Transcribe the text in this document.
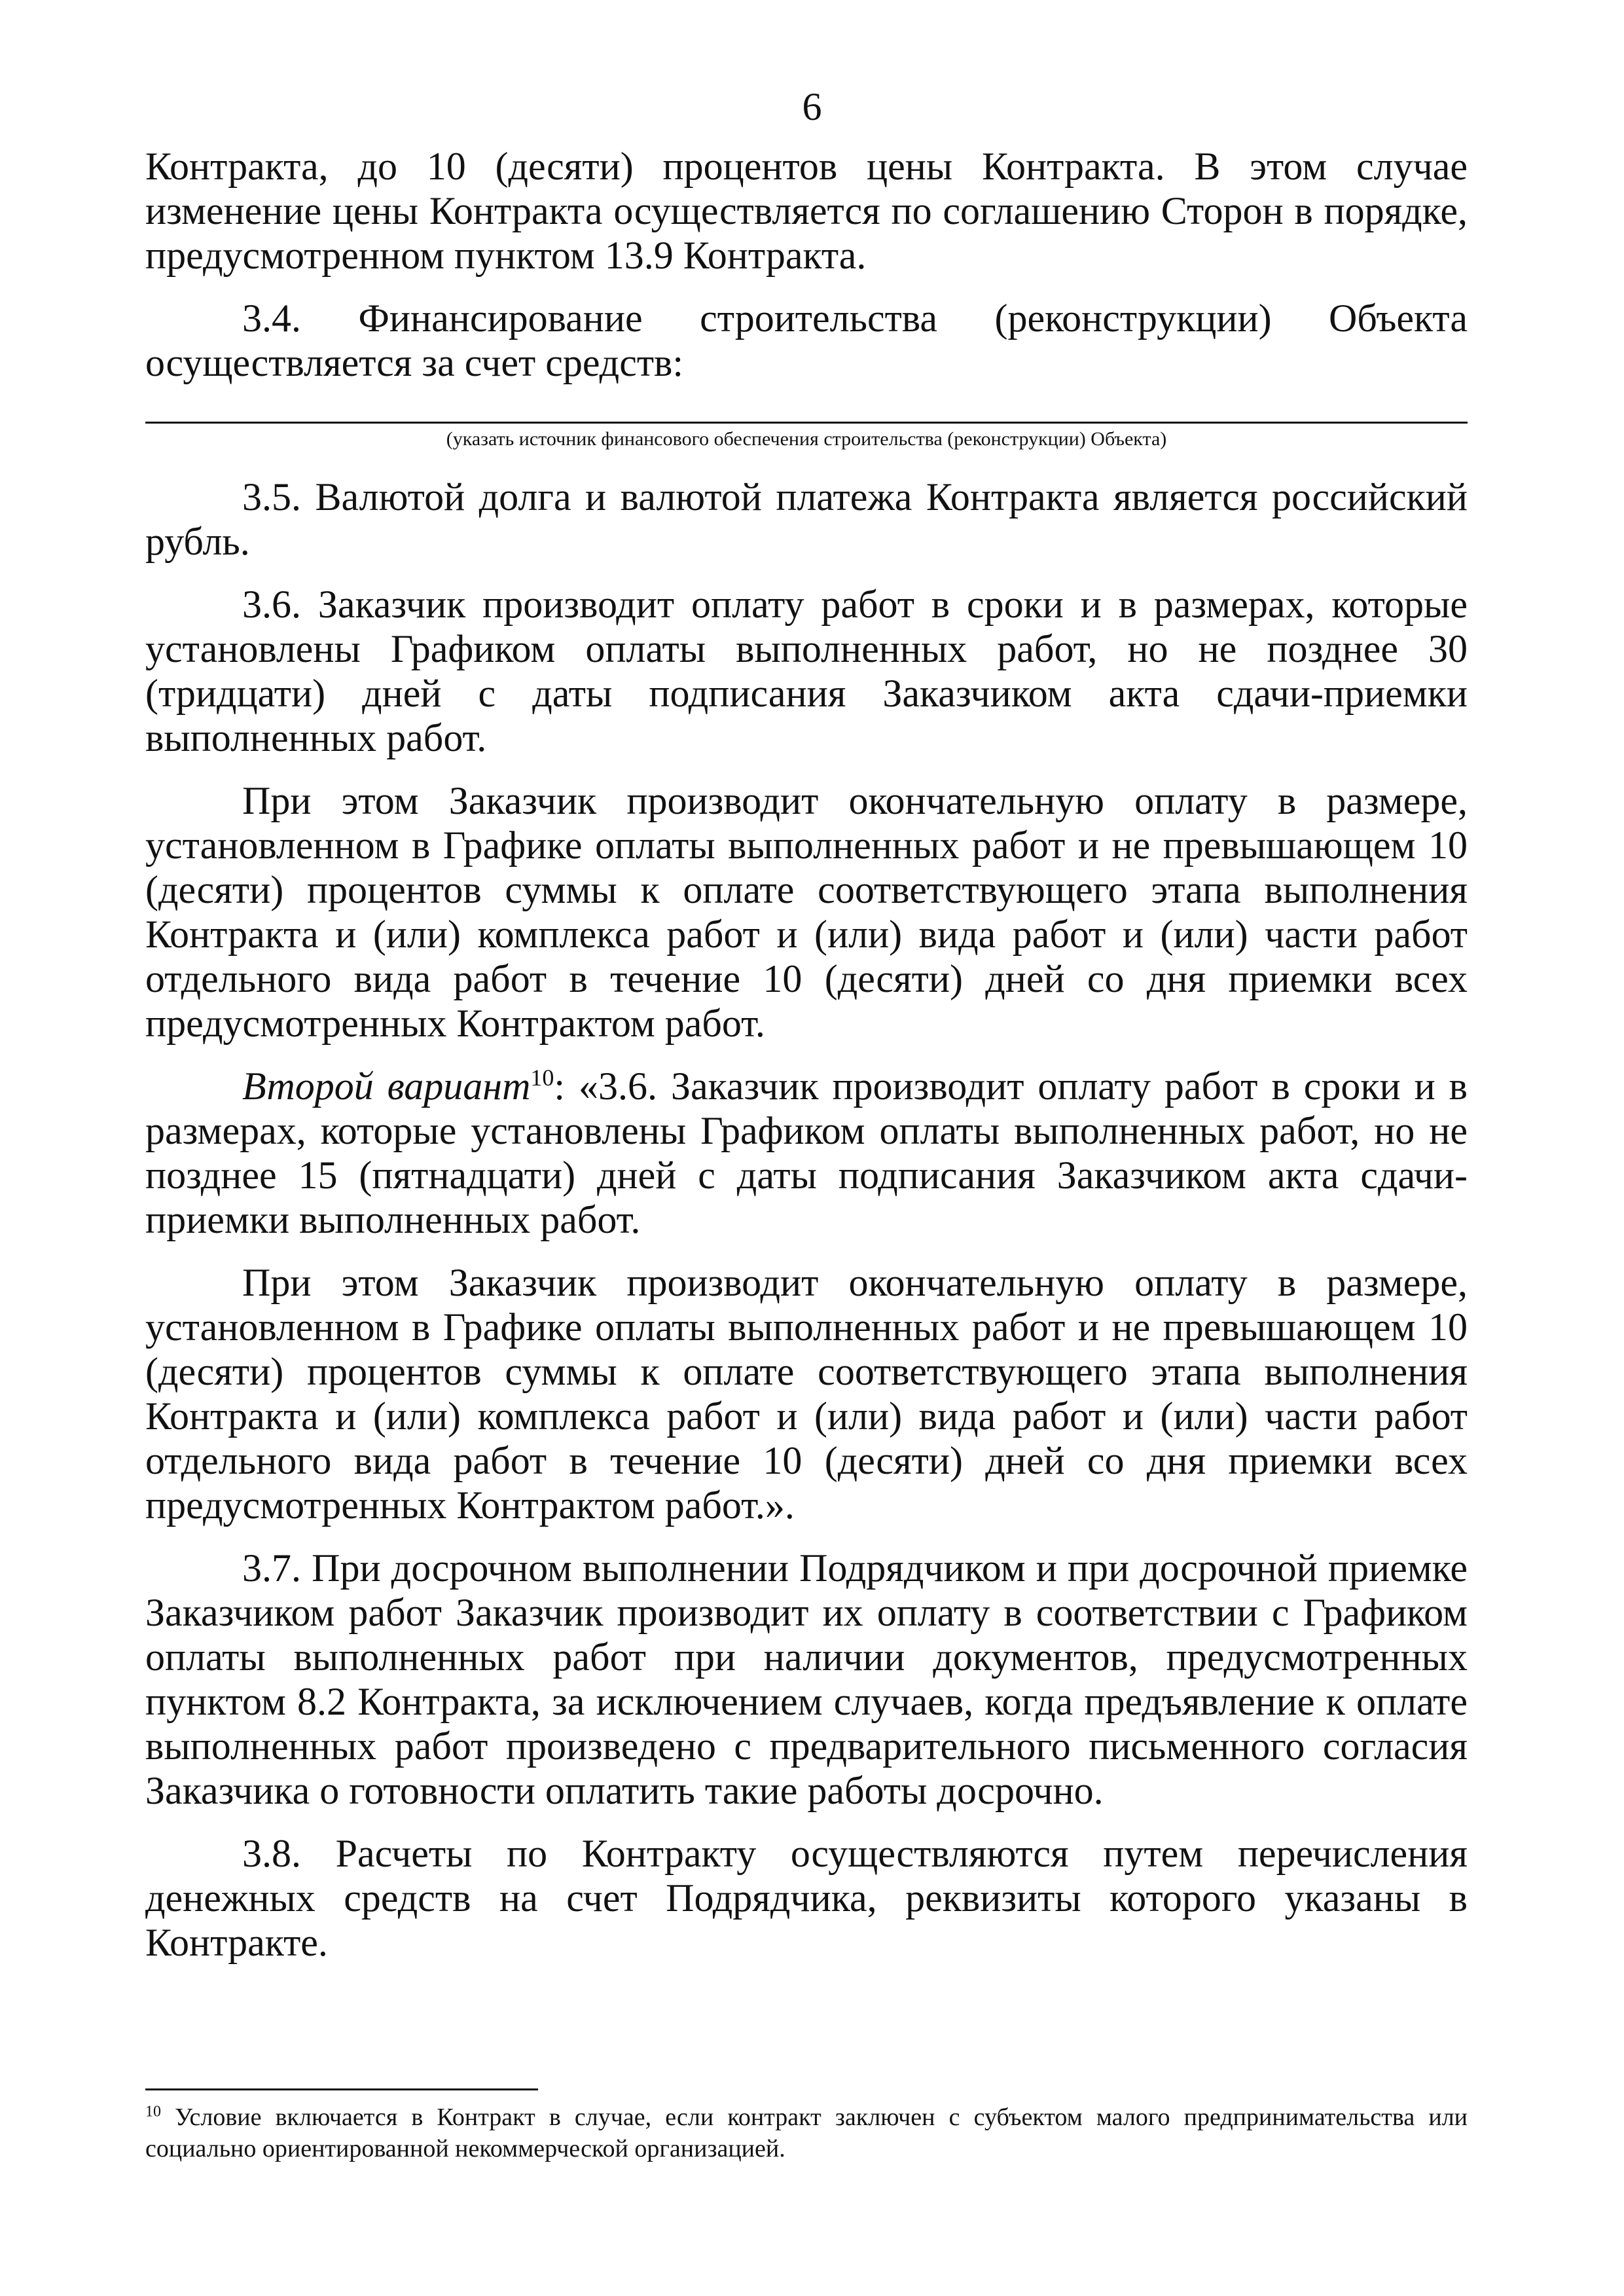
6

Контракта, до 10 (десяти) процентов цены Контракта. В этом случае изменение цены Контракта осуществляется по соглашению Сторон в порядке, предусмотренном пунктом 13.9 Контракта.

3.4. Финансирование строительства (реконструкции) Объекта осуществляется за счет средств:

(указать источник финансового обеспечения строительства (реконструкции) Объекта)

3.5. Валютой долга и валютой платежа Контракта является российский рубль.

3.6. Заказчик производит оплату работ в сроки и в размерах, которые установлены Графиком оплаты выполненных работ, но не позднее 30 (тридцати) дней с даты подписания Заказчиком акта сдачи-приемки выполненных работ.

При этом Заказчик производит окончательную оплату в размере, установленном в Графике оплаты выполненных работ и не превышающем 10 (десяти) процентов суммы к оплате соответствующего этапа выполнения Контракта и (или) комплекса работ и (или) вида работ и (или) части работ отдельного вида работ в течение 10 (десяти) дней со дня приемки всех предусмотренных Контрактом работ.

Второй вариант$^{10}$: «3.6. Заказчик производит оплату работ в сроки и в размерах, которые установлены Графиком оплаты выполненных работ, но не позднее 15 (пятнадцати) дней с даты подписания Заказчиком акта сдачи-приемки выполненных работ.

При этом Заказчик производит окончательную оплату в размере, установленном в Графике оплаты выполненных работ и не превышающем 10 (десяти) процентов суммы к оплате соответствующего этапа выполнения Контракта и (или) комплекса работ и (или) вида работ и (или) части работ отдельного вида работ в течение 10 (десяти) дней со дня приемки всех предусмотренных Контрактом работ.».

3.7. При досрочном выполнении Подрядчиком и при досрочной приемке Заказчиком работ Заказчик производит их оплату в соответствии с Графиком оплаты выполненных работ при наличии документов, предусмотренных пунктом 8.2 Контракта, за исключением случаев, когда предъявление к оплате выполненных работ произведено с предварительного письменного согласия Заказчика о готовности оплатить такие работы досрочно.

3.8. Расчеты по Контракту осуществляются путем перечисления денежных средств на счет Подрядчика, реквизиты которого указаны в Контракте.

$^{10}$ Условие включается в Контракт в случае, если контракт заключен с субъектом малого предпринимательства или социально ориентированной некоммерческой организацией.
